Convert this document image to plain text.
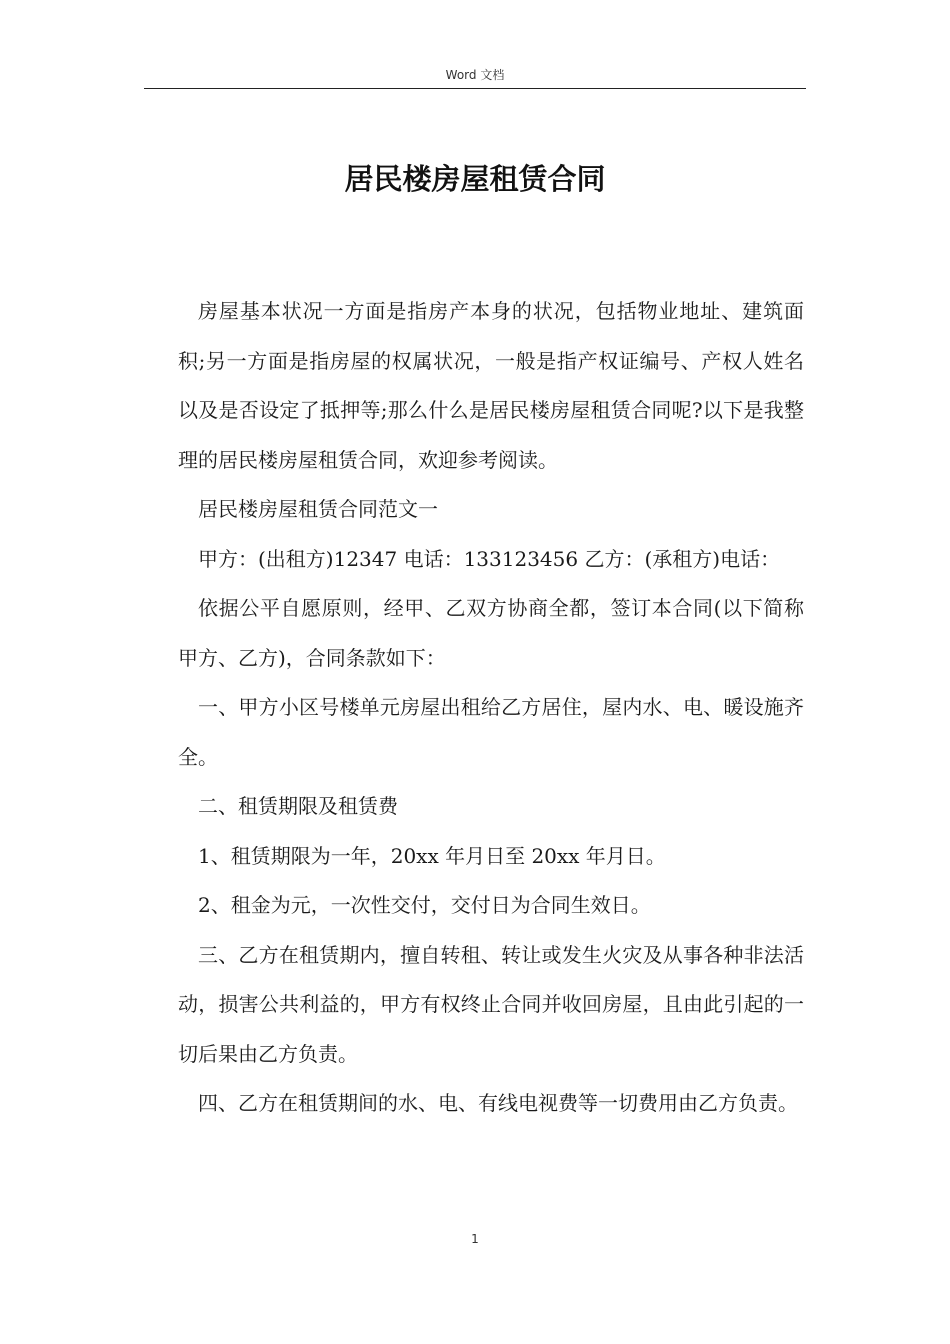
Word 文档
居民楼房屋租赁合同

房屋基本状况一方面是指房产本身的状况，包括物业地址、建筑面积;另一方面是指房屋的权属状况，一般是指产权证编号、产权人姓名以及是否设定了抵押等;那么什么是居民楼房屋租赁合同呢?以下是我整理的居民楼房屋租赁合同，欢迎参考阅读。

居民楼房屋租赁合同范文一

甲方：(出租方)12347 电话：133123456 乙方：(承租方)电话：

依据公平自愿原则，经甲、乙双方协商全都，签订本合同(以下简称甲方、乙方)，合同条款如下：

一、甲方小区号楼单元房屋出租给乙方居住，屋内水、电、暖设施齐全。

二、租赁期限及租赁费

1、租赁期限为一年，20xx 年月日至 20xx 年月日。

2、租金为元，一次性交付，交付日为合同生效日。

三、乙方在租赁期内，擅自转租、转让或发生火灾及从事各种非法活动，损害公共利益的，甲方有权终止合同并收回房屋，且由此引起的一切后果由乙方负责。

四、乙方在租赁期间的水、电、有线电视费等一切费用由乙方负责。

1
